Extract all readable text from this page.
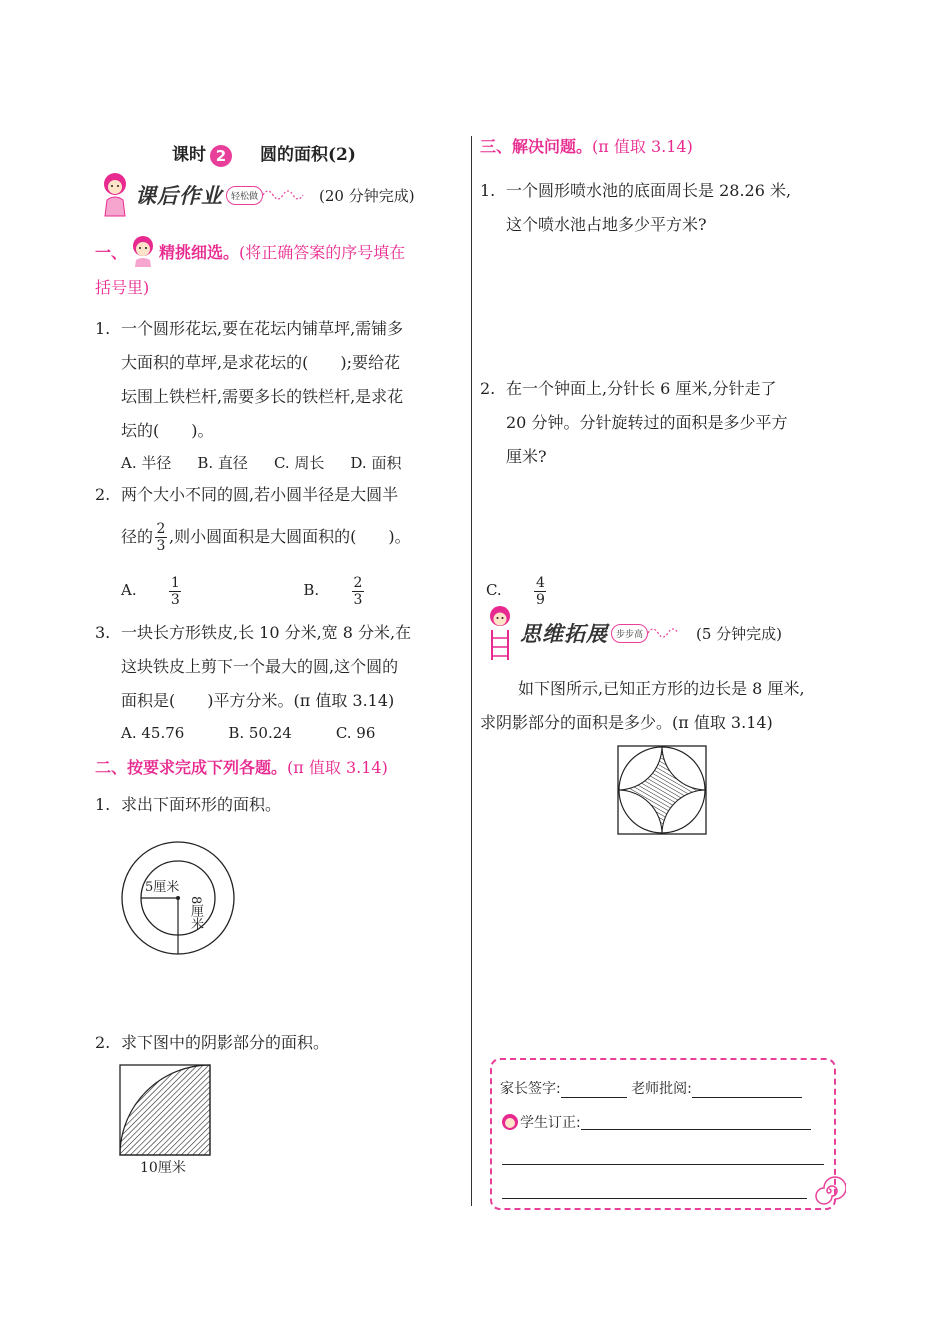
课时 2 圆的面积(2)
课后作业 轻松做	(20 分钟完成)
一、 精挑细选。 (将正确答案的序号填在
括号里)
1. 一个圆形花坛,要在花坛内铺草坪,需铺多

大面积的草坪,是求花坛的(　　);要给花

坛围上铁栏杆,需要多长的铁栏杆,是求花

坛的(　　)。

A. 半径 B. 直径 C. 周长 D. 面积
2. 两个大小不同的圆,若小圆半径是大圆半

径的 $\frac{2}{3}$ ,则小圆面积是大圆面积的(　　)。

A. $\frac{1}{3}$	B. $\frac{2}{3}$	C. $\frac{4}{9}$
3. 一块长方形铁皮,长 10 分米,宽 8 分米,在

这块铁皮上剪下一个最大的圆,这个圆的

面积是(　　)平方分米。(π 值取 3.14)

A. 45.76	B. 50.24	C. 96
二、按要求完成下列各题。(π 值取 3.14)
1. 求出下面环形的面积。

5厘米
8厘米
2. 求下图中的阴影部分的面积。

10厘米
三、解决问题。(π 值取 3.14)
1. 一个圆形喷水池的底面周长是 28.26 米,

这个喷水池占地多少平方米?

2. 在一个钟面上,分针长 6 厘米,分针走了

20 分钟。分针旋转过的面积是多少平方

厘米?

思维拓展 步步高	(5 分钟完成)

如下图所示,已知正方形的边长是 8 厘米,

求阴影部分的面积是多少。(π 值取 3.14)

家长签字:	老师批阅:
学生订正:
